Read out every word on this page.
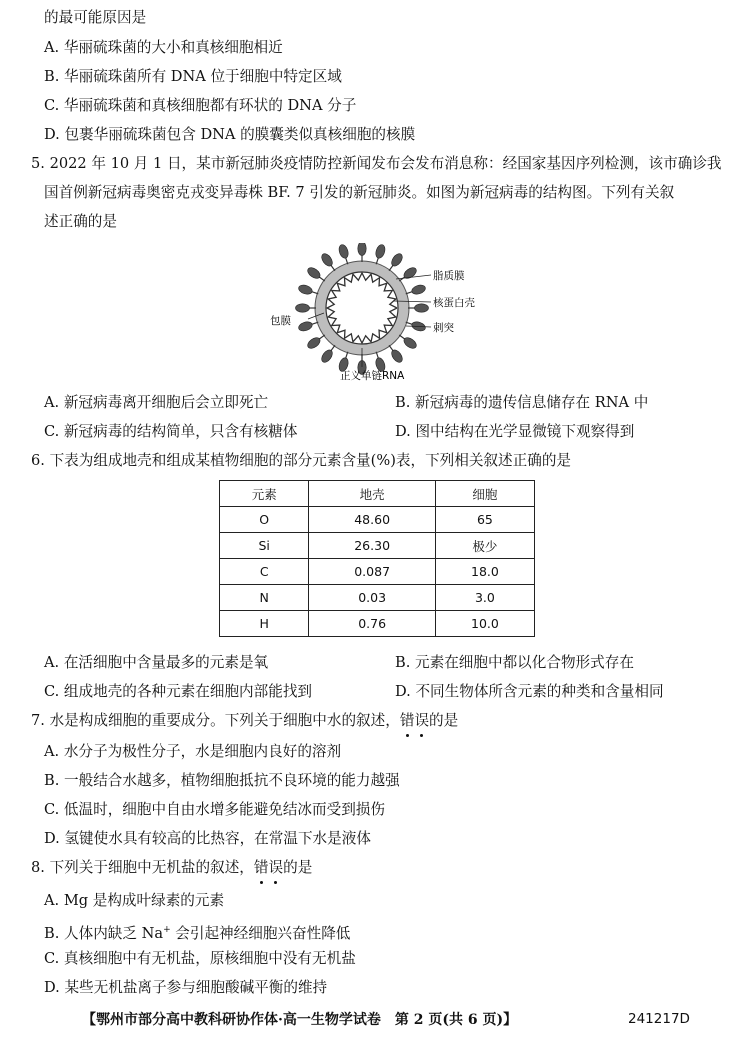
的最可能原因是
A. 华丽硫珠菌的大小和真核细胞相近
B. 华丽硫珠菌所有 DNA 位于细胞中特定区域
C. 华丽硫珠菌和真核细胞都有环状的 DNA 分子
D. 包裹华丽硫珠菌包含 DNA 的膜囊类似真核细胞的核膜
5. 2022 年 10 月 1 日，某市新冠肺炎疫情防控新闻发布会发布消息称：经国家基因序列检测，该市确诊我
国首例新冠病毒奥密克戎变异毒株 BF. 7 引发的新冠肺炎。如图为新冠病毒的结构图。下列有关叙
述正确的是
脂质膜
核蛋白壳
包膜
刺突
正义单链RNA
A. 新冠病毒离开细胞后会立即死亡	B. 新冠病毒的遗传信息储存在 RNA 中
C. 新冠病毒的结构简单，只含有核糖体	D. 图中结构在光学显微镜下观察得到
6. 下表为组成地壳和组成某植物细胞的部分元素含量(%)表，下列相关叙述正确的是
元素	地壳	细胞
O	48.60	65
Si	26.30	极少
C	0.087	18.0
N	0.03	3.0
H	0.76	10.0
A. 在活细胞中含量最多的元素是氧	B. 元素在细胞中都以化合物形式存在
C. 组成地壳的各种元素在细胞内部能找到	D. 不同生物体所含元素的种类和含量相同
7. 水是构成细胞的重要成分。下列关于细胞中水的叙述，错误的是
A. 水分子为极性分子，水是细胞内良好的溶剂
B. 一般结合水越多，植物细胞抵抗不良环境的能力越强
C. 低温时，细胞中自由水增多能避免结冰而受到损伤
D. 氢键使水具有较高的比热容，在常温下水是液体
8. 下列关于细胞中无机盐的叙述，错误的是
A. Mg 是构成叶绿素的元素
B. 人体内缺乏 Na+ 会引起神经细胞兴奋性降低
C. 真核细胞中有无机盐，原核细胞中没有无机盐
D. 某些无机盐离子参与细胞酸碱平衡的维持
【鄂州市部分高中教科研协作体·高一生物学试卷　第 2 页(共 6 页)】	241217D
